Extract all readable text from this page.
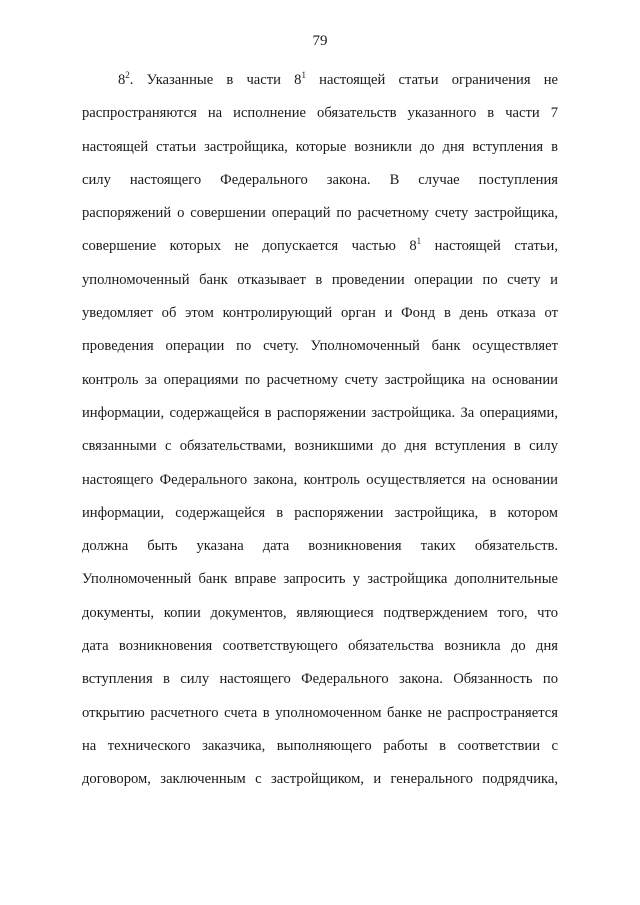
79
$8^2$. Указанные в части $8^1$ настоящей статьи ограничения не
распространяются на исполнение обязательств указанного в части 7
настоящей статьи застройщика, которые возникли до дня вступления в
силу настоящего Федерального закона. В случае поступления
распоряжений о совершении операций по расчетному счету застройщика,
совершение которых не допускается частью $8^1$ настоящей статьи,
уполномоченный банк отказывает в проведении операции по счету и
уведомляет об этом контролирующий орган и Фонд в день отказа от
проведения операции по счету. Уполномоченный банк осуществляет
контроль за операциями по расчетному счету застройщика на основании
информации, содержащейся в распоряжении застройщика. За операциями,
связанными с обязательствами, возникшими до дня вступления в силу
настоящего Федерального закона, контроль осуществляется на основании
информации, содержащейся в распоряжении застройщика, в котором
должна быть указана дата возникновения таких обязательств.
Уполномоченный банк вправе запросить у застройщика дополнительные
документы, копии документов, являющиеся подтверждением того, что
дата возникновения соответствующего обязательства возникла до дня
вступления в силу настоящего Федерального закона. Обязанность по
открытию расчетного счета в уполномоченном банке не распространяется
на технического заказчика, выполняющего работы в соответствии с
договором, заключенным с застройщиком, и генерального подрядчика,
